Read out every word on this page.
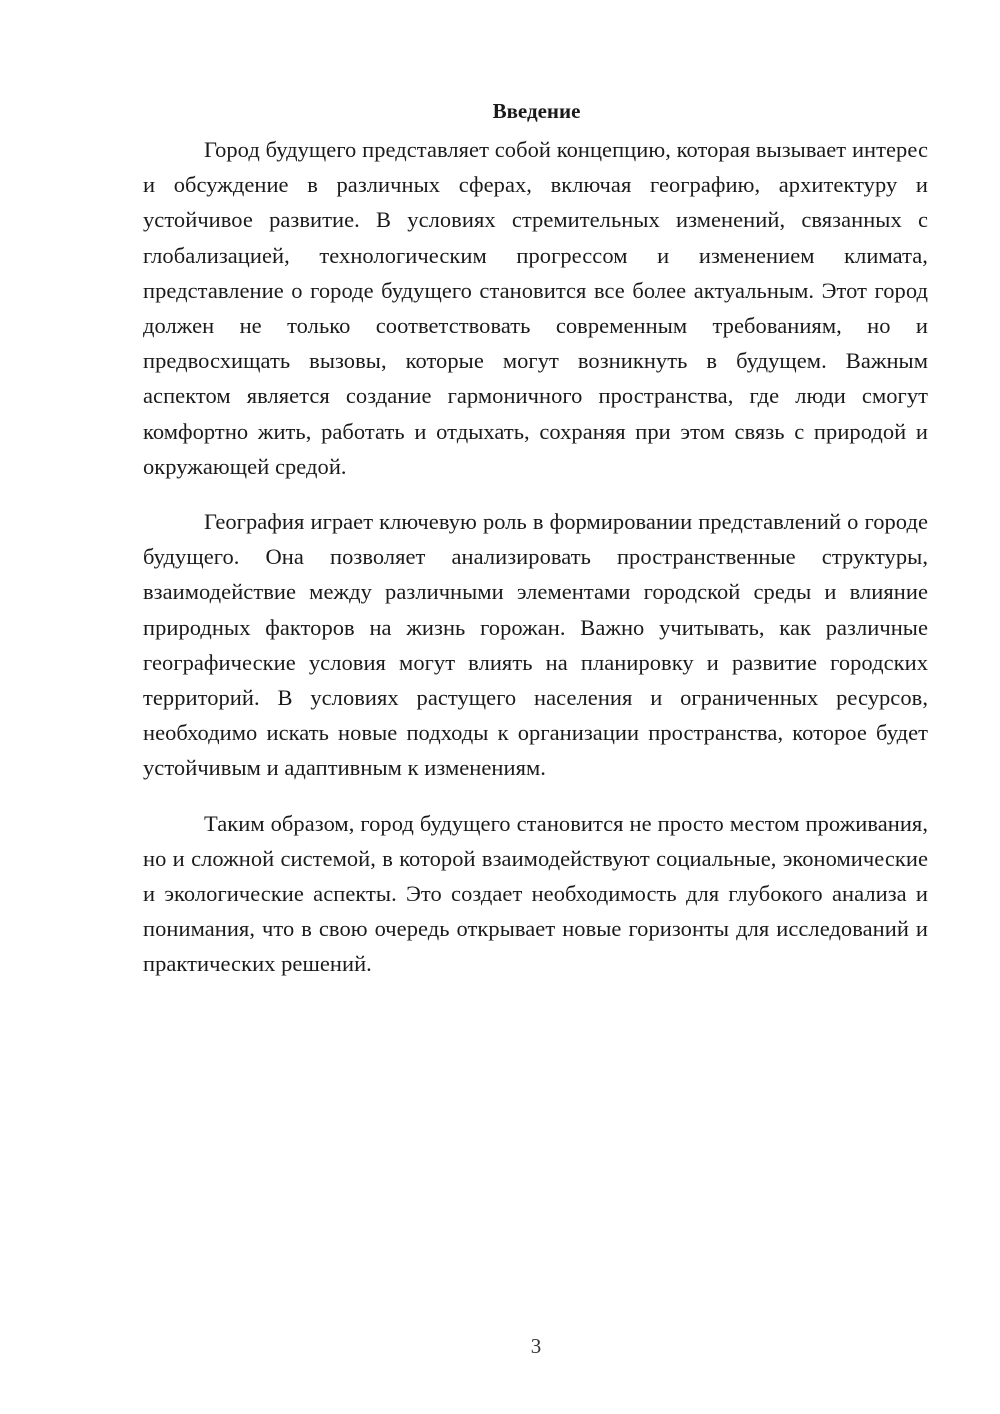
Введение

Город будущего представляет собой концепцию, которая вызывает интерес и обсуждение в различных сферах, включая географию, архитектуру и устойчивое развитие. В условиях стремительных изменений, связанных с глобализацией, технологическим прогрессом и изменением климата, представление о городе будущего становится все более актуальным. Этот город должен не только соответствовать современным требованиям, но и предвосхищать вызовы, которые могут возникнуть в будущем. Важным аспектом является создание гармоничного пространства, где люди смогут комфортно жить, работать и отдыхать, сохраняя при этом связь с природой и окружающей средой.

География играет ключевую роль в формировании представлений о городе будущего. Она позволяет анализировать пространственные структуры, взаимодействие между различными элементами городской среды и влияние природных факторов на жизнь горожан. Важно учитывать, как различные географические условия могут влиять на планировку и развитие городских территорий. В условиях растущего населения и ограниченных ресурсов, необходимо искать новые подходы к организации пространства, которое будет устойчивым и адаптивным к изменениям.

Таким образом, город будущего становится не просто местом проживания, но и сложной системой, в которой взаимодействуют социальные, экономические и экологические аспекты. Это создает необходимость для глубокого анализа и понимания, что в свою очередь открывает новые горизонты для исследований и практических решений.

3
